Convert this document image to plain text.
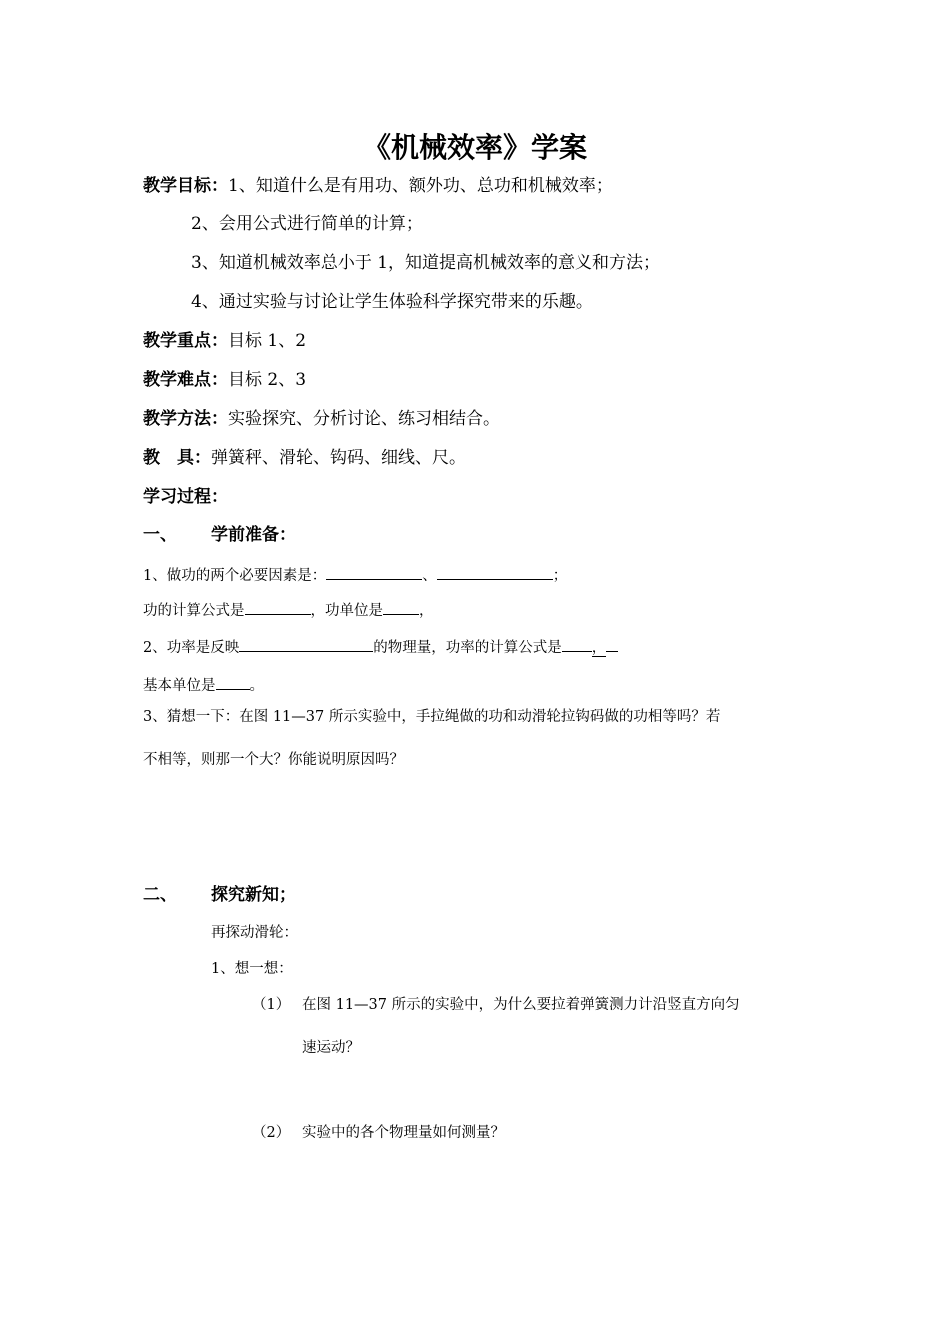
《机械效率》学案
教学目标：1、知道什么是有用功、额外功、总功和机械效率；
2、会用公式进行简单的计算；
3、知道机械效率总小于 1，知道提高机械效率的意义和方法；
4、通过实验与讨论让学生体验科学探究带来的乐趣。
教学重点：目标 1、2
教学难点：目标 2、3
教学方法：实验探究、分析讨论、练习相结合。
教　具：弹簧秤、滑轮、钩码、细线、尺。
学习过程：
一、 学前准备：
1、做功的两个必要因素是：	、	；
功的计算公式是	，功单位是 ，
2、功率是反映	的物理量，功率的计算公式是 ，
基本单位是 。
3、猜想一下：在图 11—37 所示实验中，手拉绳做的功和动滑轮拉钩码做的功相等吗？若
不相等，则那一个大？你能说明原因吗？
二、 探究新知；
再探动滑轮：
1、想一想：
（1） 在图 11—37 所示的实验中，为什么要拉着弹簧测力计沿竖直方向匀
速运动？
（2） 实验中的各个物理量如何测量？
